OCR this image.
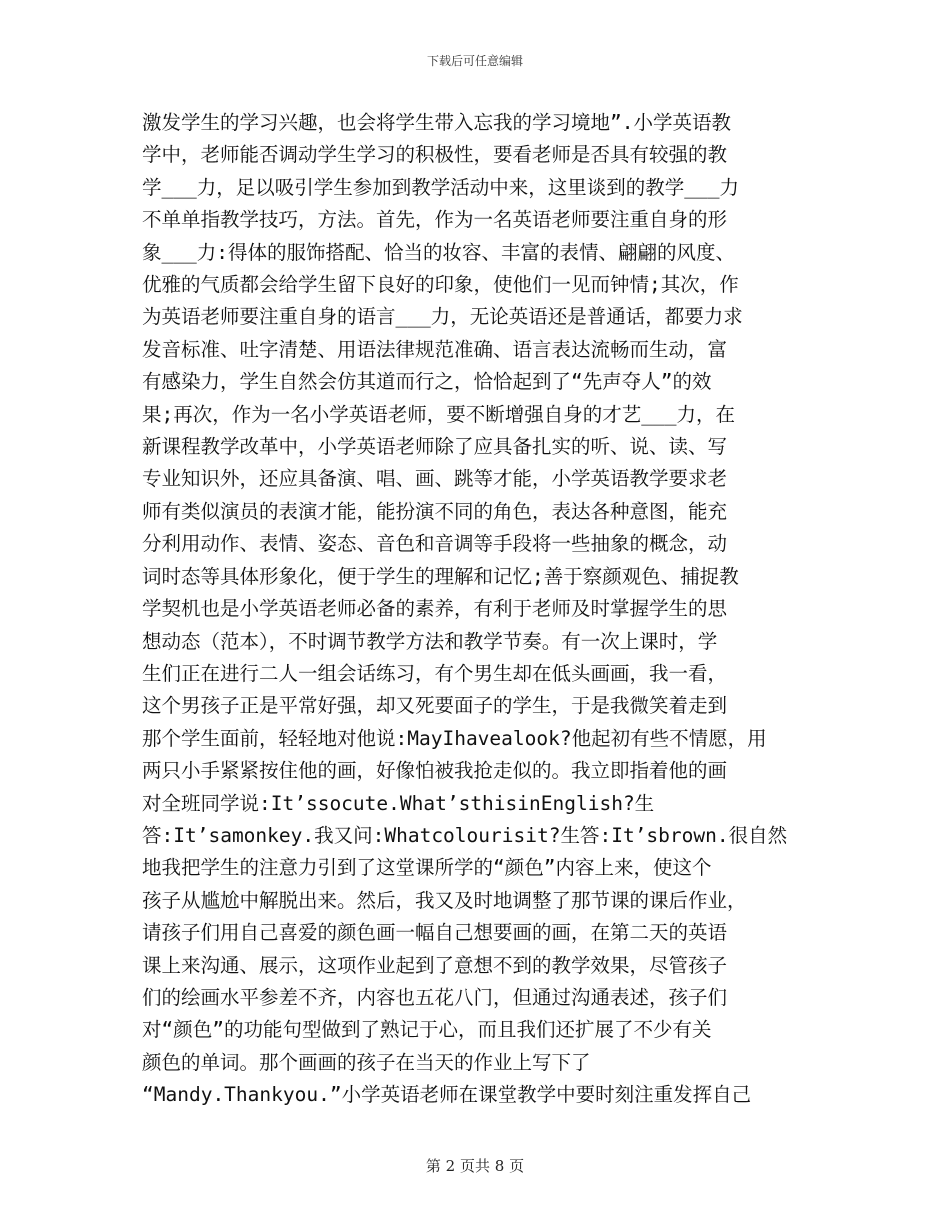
下载后可任意编辑
激发学生的学习兴趣，也会将学生带入忘我的学习境地”.小学英语教
学中，老师能否调动学生学习的积极性，要看老师是否具有较强的教
学___力，足以吸引学生参加到教学活动中来，这里谈到的教学___力
不单单指教学技巧，方法。首先，作为一名英语老师要注重自身的形
象___力:得体的服饰搭配、恰当的妆容、丰富的表情、翩翩的风度、
优雅的气质都会给学生留下良好的印象，使他们一见而钟情;其次，作
为英语老师要注重自身的语言___力，无论英语还是普通话，都要力求
发音标准、吐字清楚、用语法律规范准确、语言表达流畅而生动，富
有感染力，学生自然会仿其道而行之，恰恰起到了“先声夺人”的效
果;再次，作为一名小学英语老师，要不断增强自身的才艺___力，在
新课程教学改革中，小学英语老师除了应具备扎实的听、说、读、写
专业知识外，还应具备演、唱、画、跳等才能，小学英语教学要求老
师有类似演员的表演才能，能扮演不同的角色，表达各种意图，能充
分利用动作、表情、姿态、音色和音调等手段将一些抽象的概念，动
词时态等具体形象化，便于学生的理解和记忆;善于察颜观色、捕捉教
学契机也是小学英语老师必备的素养，有利于老师及时掌握学生的思
想动态（范本），不时调节教学方法和教学节奏。有一次上课时，学
生们正在进行二人一组会话练习，有个男生却在低头画画，我一看，
这个男孩子正是平常好强，却又死要面子的学生，于是我微笑着走到
那个学生面前，轻轻地对他说:MayIhavealook?他起初有些不情愿，用
两只小手紧紧按住他的画，好像怕被我抢走似的。我立即指着他的画
对全班同学说:It’ssocute.What’sthisinEnglish?生
答:It’samonkey.我又问:Whatcolourisit?生答:It’sbrown.很自然
地我把学生的注意力引到了这堂课所学的“颜色”内容上来，使这个
孩子从尴尬中解脱出来。然后，我又及时地调整了那节课的课后作业，
请孩子们用自己喜爱的颜色画一幅自己想要画的画，在第二天的英语
课上来沟通、展示，这项作业起到了意想不到的教学效果，尽管孩子
们的绘画水平参差不齐，内容也五花八门，但通过沟通表述，孩子们
对“颜色”的功能句型做到了熟记于心，而且我们还扩展了不少有关
颜色的单词。那个画画的孩子在当天的作业上写下了
“Mandy.Thankyou.”小学英语老师在课堂教学中要时刻注重发挥自己
第 2 页共 8 页
